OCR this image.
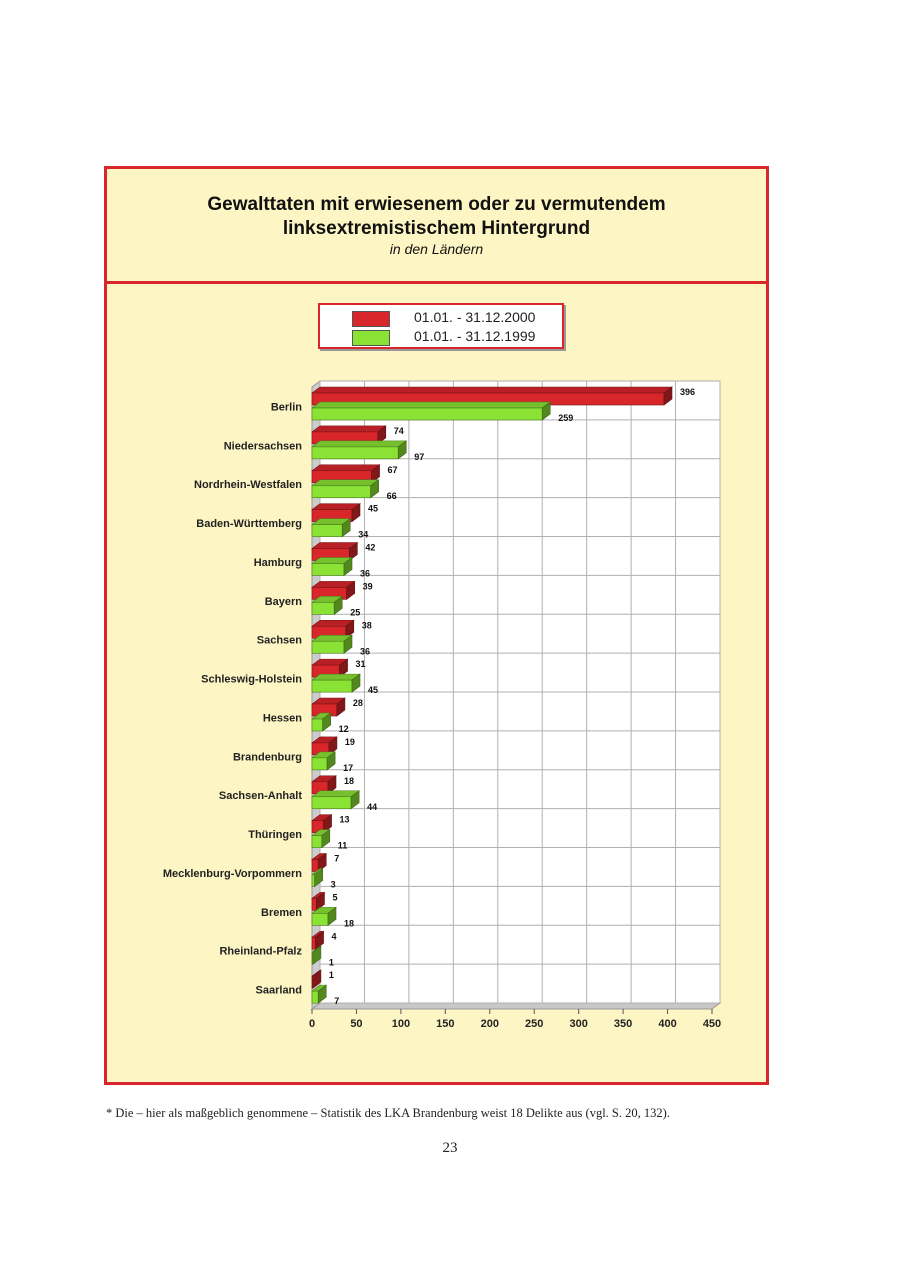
Gewalttaten mit erwiesenem oder zu vermutendem
linksextremistischem Hintergrund
in den Ländern
01.01. - 31.12.2000
01.01. - 31.12.1999
0	50	100 150 200 250 300 350 400 450
Berlin
396
259
Niedersachsen
74
97
Nordrhein-Westfalen
67
66
Baden-Württemberg
45
34
Hamburg
42
36
Bayern
39
25
Sachsen
38
36
Schleswig-Holstein
31
45
Hessen
28
12
Brandenburg
19
17
Sachsen-Anhalt
18
44
Thüringen
13
11
Mecklenburg-Vorpommern
7
3
Bremen
5
18
Rheinland-Pfalz
4
1
Saarland
1
7
* Die – hier als maßgeblich genommene – Statistik des LKA Brandenburg weist 18 Delikte aus (vgl. S. 20, 132).
23
